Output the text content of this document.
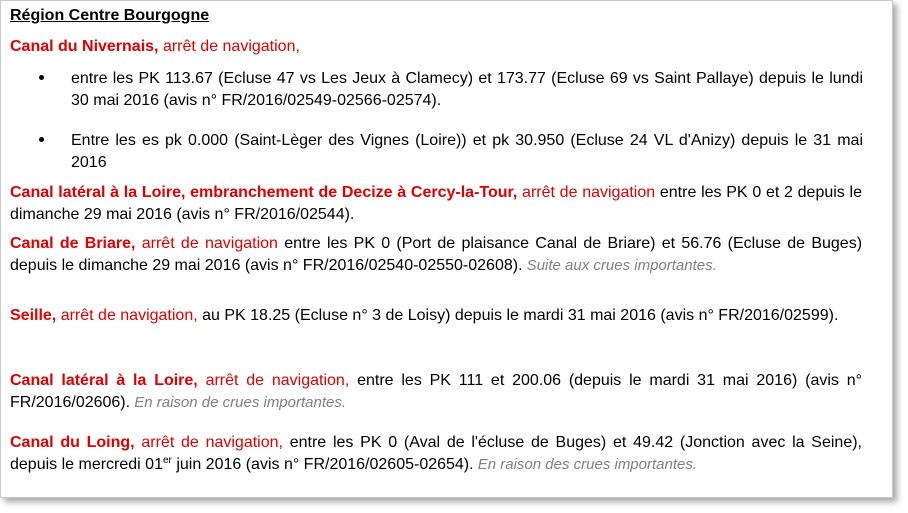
Région Centre Bourgogne
Canal du Nivernais, arrêt de navigation,
entre les PK 113.67 (Ecluse 47 vs Les Jeux à Clamecy) et 173.77 (Ecluse 69 vs Saint Pallaye) depuis le lundi 30 mai 2016 (avis n° FR/2016/02549-02566-02574).
Entre les es pk 0.000 (Saint-Lèger des Vignes (Loire)) et pk 30.950 (Ecluse 24 VL d'Anizy) depuis le 31 mai 2016
Canal latéral à la Loire, embranchement de Decize à Cercy-la-Tour, arrêt de navigation entre les PK 0 et 2 depuis le dimanche 29 mai 2016 (avis n° FR/2016/02544).
Canal de Briare, arrêt de navigation entre les PK 0 (Port de plaisance Canal de Briare) et 56.76 (Ecluse de Buges) depuis le dimanche 29 mai 2016 (avis n° FR/2016/02540-02550-02608). Suite aux crues importantes.
Seille, arrêt de navigation, au PK 18.25 (Ecluse n° 3 de Loisy) depuis le mardi 31 mai 2016 (avis n° FR/2016/02599).
Canal latéral à la Loire, arrêt de navigation, entre les PK 111 et 200.06 (depuis le mardi 31 mai 2016) (avis n° FR/2016/02606). En raison de crues importantes.
Canal du Loing, arrêt de navigation, entre les PK 0 (Aval de l'écluse de Buges) et 49.42 (Jonction avec la Seine), depuis le mercredi 01er juin 2016 (avis n° FR/2016/02605-02654). En raison des crues importantes.
